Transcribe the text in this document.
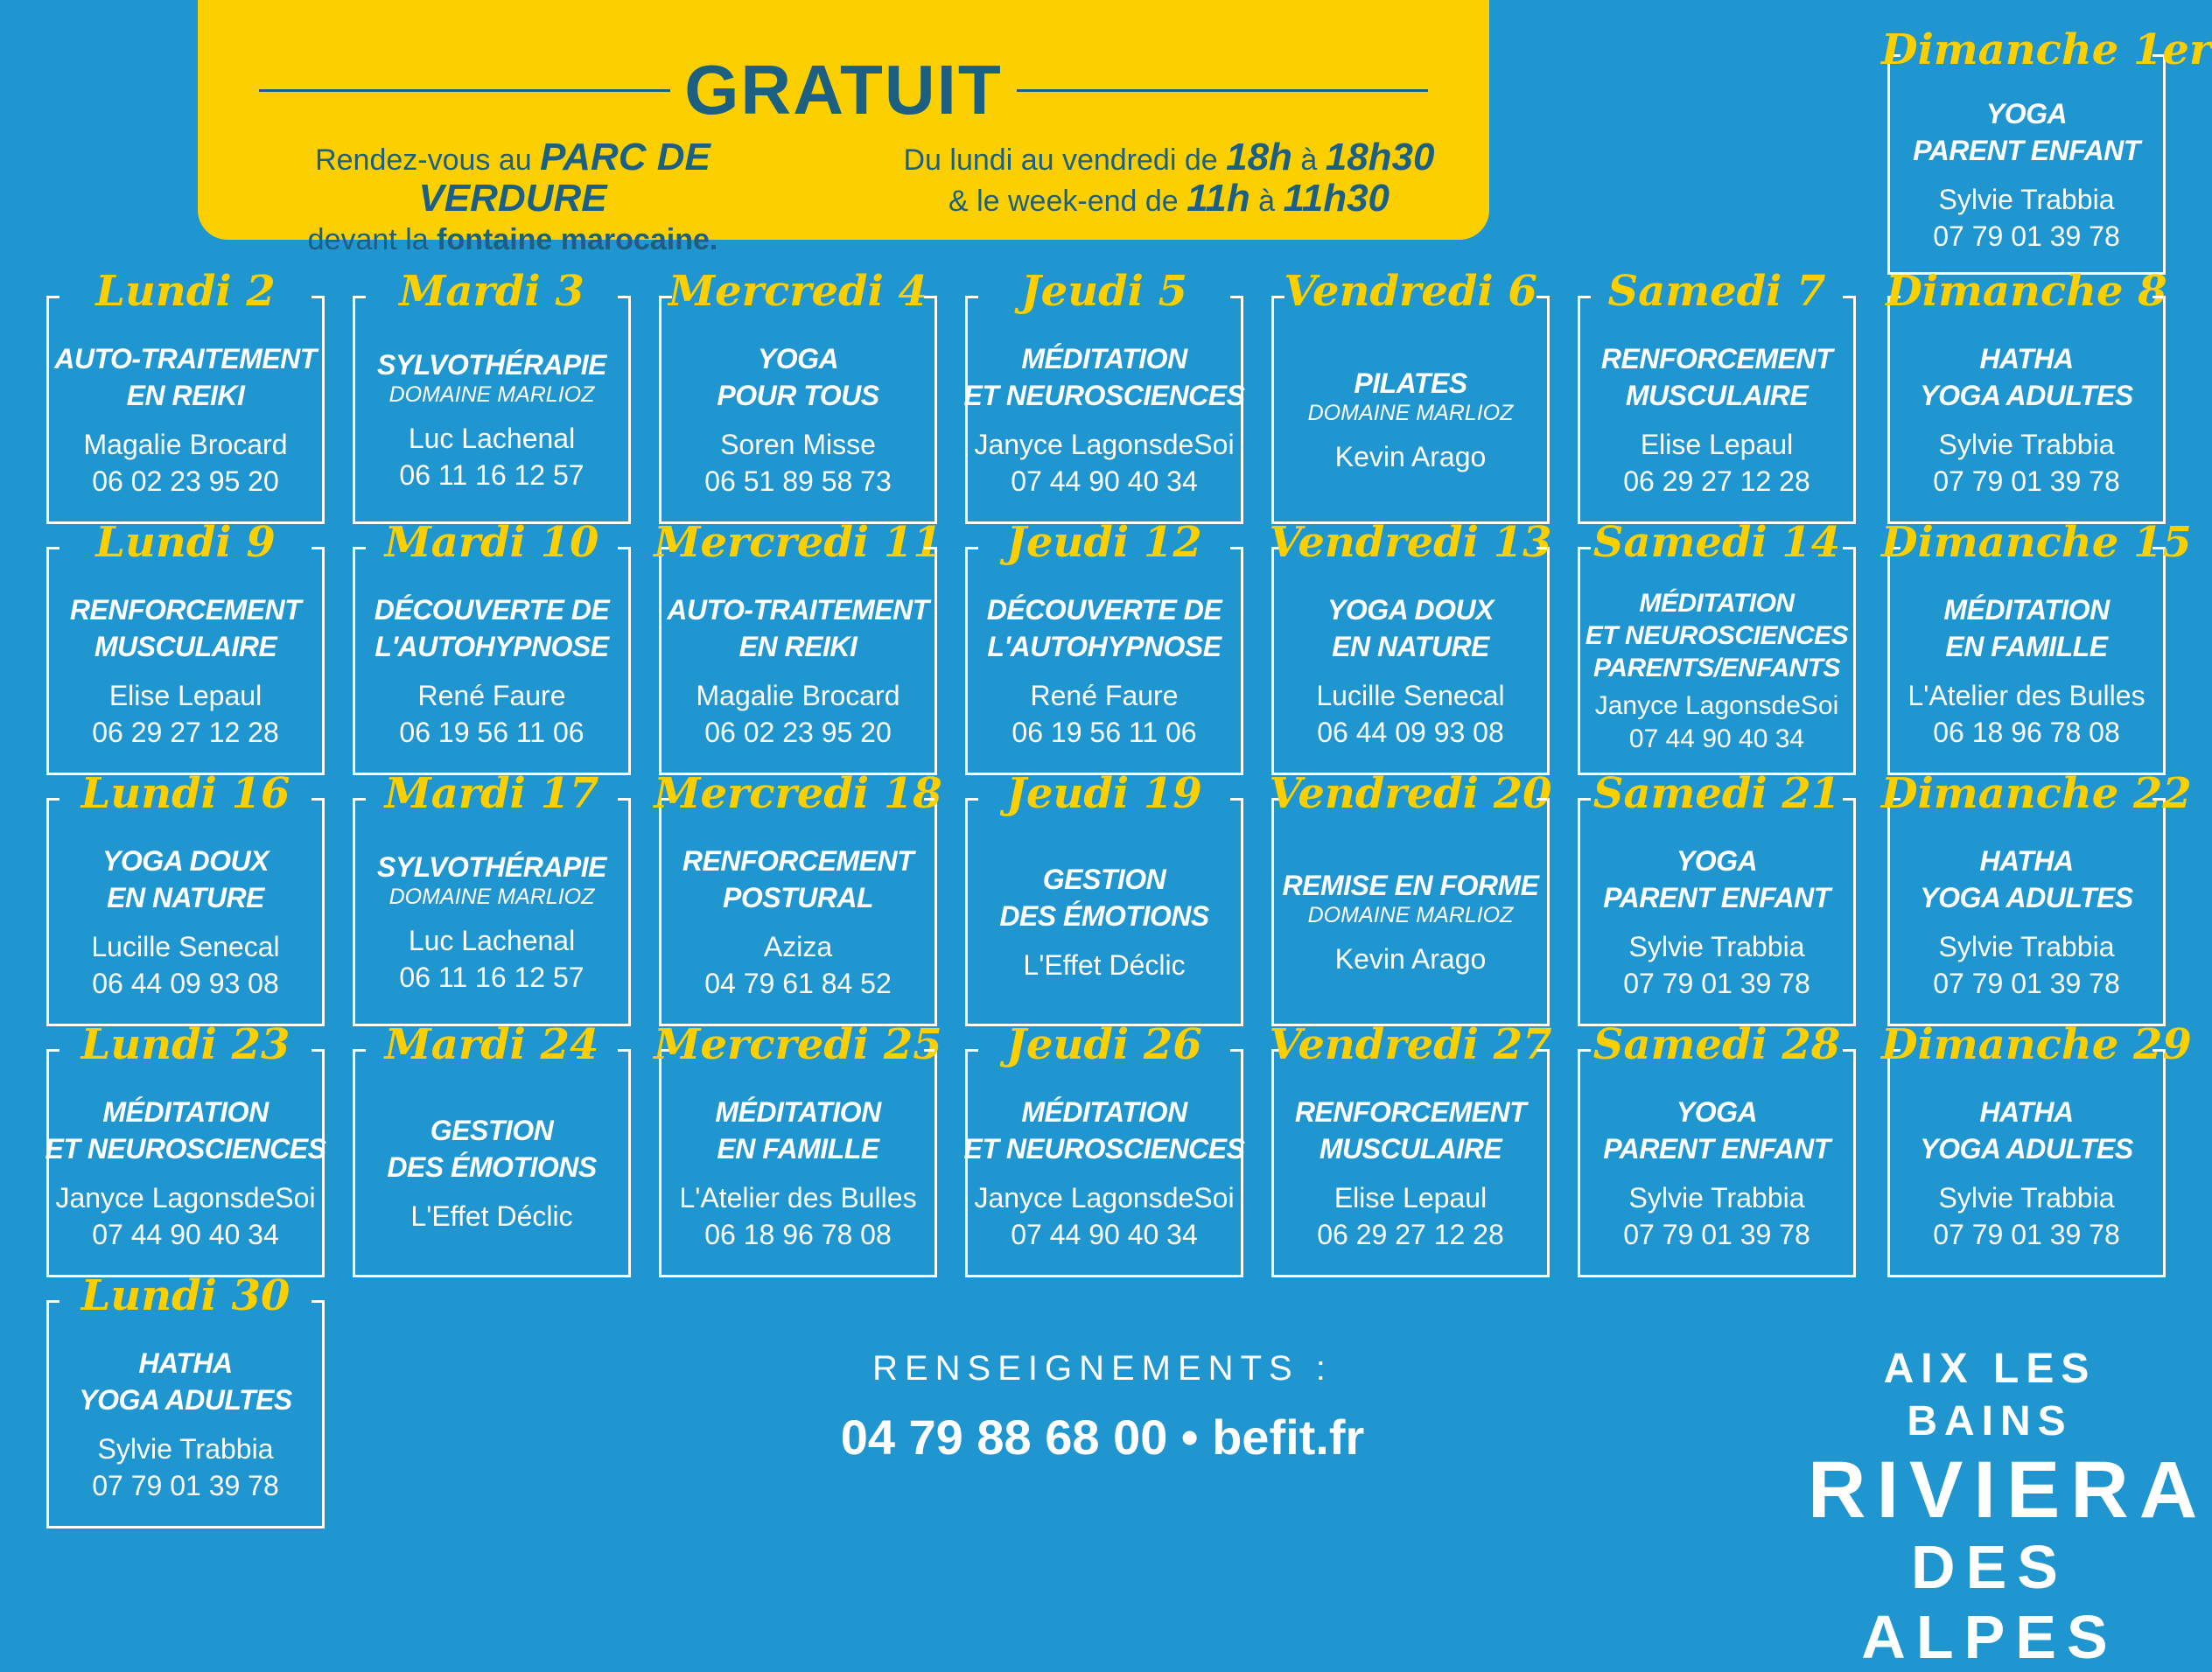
GRATUIT
Rendez-vous au PARC DE VERDURE
devant la fontaine marocaine.
Du lundi au vendredi de 18h à 18h30
& le week-end de 11h à 11h30
Dimanche 1er
YOGA
PARENT ENFANT
Sylvie Trabbia
07 79 01 39 78
Lundi 2
AUTO-TRAITEMENT
EN REIKI
Magalie Brocard
06 02 23 95 20
Mardi 3
SYLVOTHÉRAPIE
DOMAINE MARLIOZ
Luc Lachenal
06 11 16 12 57
Mercredi 4
YOGA
POUR TOUS
Soren Misse
06 51 89 58 73
Jeudi 5
MÉDITATION
ET NEUROSCIENCES
Janyce LagonsdeSoi
07 44 90 40 34
Vendredi 6
PILATES
DOMAINE MARLIOZ
Kevin Arago
Samedi 7
RENFORCEMENT
MUSCULAIRE
Elise Lepaul
06 29 27 12 28
Dimanche 8
HATHA
YOGA ADULTES
Sylvie Trabbia
07 79 01 39 78
Lundi 9
RENFORCEMENT
MUSCULAIRE
Elise Lepaul
06 29 27 12 28
Mardi 10
DÉCOUVERTE DE
L'AUTOHYPNOSE
René Faure
06 19 56 11 06
Mercredi 11
AUTO-TRAITEMENT
EN REIKI
Magalie Brocard
06 02 23 95 20
Jeudi 12
DÉCOUVERTE DE
L'AUTOHYPNOSE
René Faure
06 19 56 11 06
Vendredi 13
YOGA DOUX
EN NATURE
Lucille Senecal
06 44 09 93 08
Samedi 14
MÉDITATION
ET NEUROSCIENCES
PARENTS/ENFANTS
Janyce LagonsdeSoi
07 44 90 40 34
Dimanche 15
MÉDITATION
EN FAMILLE
L'Atelier des Bulles
06 18 96 78 08
Lundi 16
YOGA DOUX
EN NATURE
Lucille Senecal
06 44 09 93 08
Mardi 17
SYLVOTHÉRAPIE
DOMAINE MARLIOZ
Luc Lachenal
06 11 16 12 57
Mercredi 18
RENFORCEMENT
POSTURAL
Aziza
04 79 61 84 52
Jeudi 19
GESTION
DES ÉMOTIONS
L'Effet Déclic
Vendredi 20
REMISE EN FORME
DOMAINE MARLIOZ
Kevin Arago
Samedi 21
YOGA
PARENT ENFANT
Sylvie Trabbia
07 79 01 39 78
Dimanche 22
HATHA
YOGA ADULTES
Sylvie Trabbia
07 79 01 39 78
Lundi 23
MÉDITATION
ET NEUROSCIENCES
Janyce LagonsdeSoi
07 44 90 40 34
Mardi 24
GESTION
DES ÉMOTIONS
L'Effet Déclic
Mercredi 25
MÉDITATION
EN FAMILLE
L'Atelier des Bulles
06 18 96 78 08
Jeudi 26
MÉDITATION
ET NEUROSCIENCES
Janyce LagonsdeSoi
07 44 90 40 34
Vendredi 27
RENFORCEMENT
MUSCULAIRE
Elise Lepaul
06 29 27 12 28
Samedi 28
YOGA
PARENT ENFANT
Sylvie Trabbia
07 79 01 39 78
Dimanche 29
HATHA
YOGA ADULTES
Sylvie Trabbia
07 79 01 39 78
Lundi 30
HATHA
YOGA ADULTES
Sylvie Trabbia
07 79 01 39 78
RENSEIGNEMENTS :
04 79 88 68 00 • befit.fr
AIX LES BAINS
RIVIERA
DES ALPES
